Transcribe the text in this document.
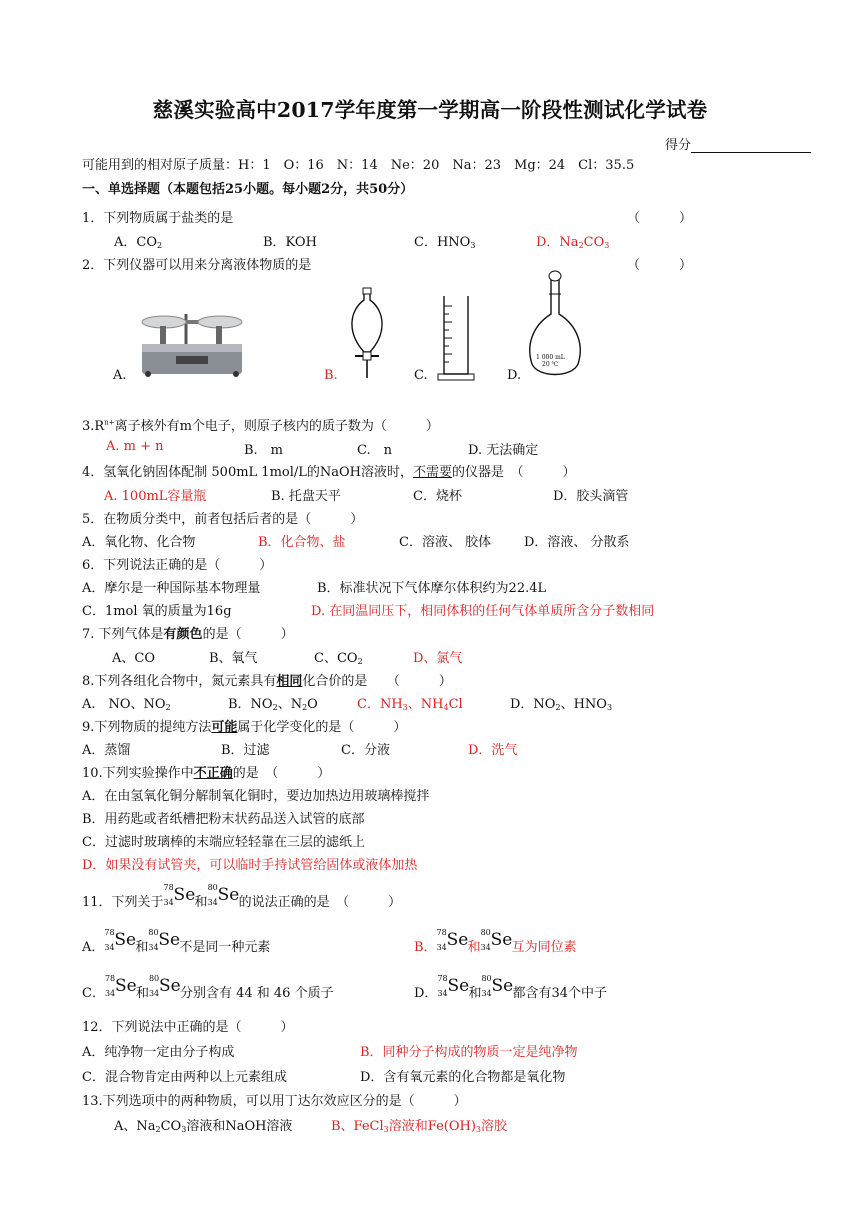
慈溪实验高中2017学年度第一学期高一阶段性测试化学试卷
得分
可能用到的相对原子质量：H：1　O：16　N：14　Ne：20　Na：23　Mg：24　Cl：35.5
一、单选择题（本题包括25小题。每小题2分，共50分）
1．下列物质属于盐类的是	（　　　）
A．$CO_2$	B．KOH	C．$HNO_3$	D．$Na_2CO_3$
2．下列仪器可以用来分离液体物质的是	（　　　）
A.	B.	C.
1 000 mL
20 ℃
D.
$3.R^{n+}$离子核外有m个电子，则原子核内的质子数为（　　　）
A. m + n	B.　m	C.　n	D. 无法确定
4．氢氧化钠固体配制 500mL 1mol/L的NaOH溶液时，不需要的仪器是　（　　　）
A. 100mL容量瓶	B. 托盘天平	C．烧杯	D．胶头滴管
5．在物质分类中，前者包括后者的是（　　　）
A．氧化物、化合物	B．化合物、盐	C．溶液、 胶体	D．溶液、 分散系
6．下列说法正确的是（　　　）
A．摩尔是一种国际基本物理量	B．标准状况下气体摩尔体积约为22.4L
C．1mol 氧的质量为16g	D. 在同温同压下，相同体积的任何气体单质所含分子数相同
7. 下列气体是有颜色的是（　　　）
A、CO	B、氧气	C、$CO_2$	D、氯气
8.下列各组化合物中，氮元素具有相同化合价的是　　（　　　）
A.　NO、$NO_2$	B．$NO_2$、$N_2O$	C．$NH_3$、$NH_4Cl$	D．$NO_2$、$HNO_3$
9.下列物质的提纯方法可能属于化学变化的是（　　　）
A．蒸馏	B．过滤	C．分液	D．洗气
10.下列实验操作中不正确的是　（　　　）
A．在由氢氧化铜分解制氧化铜时，要边加热边用玻璃棒搅拌
B．用药匙或者纸槽把粉末状药品送入试管的底部
C．过滤时玻璃棒的末端应轻轻靠在三层的滤纸上
D．如果没有试管夹，可以临时手持试管给固体或液体加热
11．下列关于
78
34 Se 和
80
34 Se 的说法正确的是　（　　　）
A．
78
34 Se 和
80
34 Se 不是同一种元素	B．
78
34 Se 和
80
34 Se 互为同位素
C．
78
34 Se 和
80
34 Se 分别含有 44 和 46 个质子	D．
78
34 Se 和
80
34 Se 都含有34个中子
12．下列说法中正确的是（　　　）
A．纯净物一定由分子构成	B．同种分子构成的物质一定是纯净物
C．混合物肯定由两种以上元素组成	D．含有氧元素的化合物都是氧化物
13.下列选项中的两种物质，可以用丁达尔效应区分的是（　　　）
A、$Na_2CO_3$溶液和NaOH溶液	B、FeCl$_3$溶液和$Fe(OH)_3$溶胶
